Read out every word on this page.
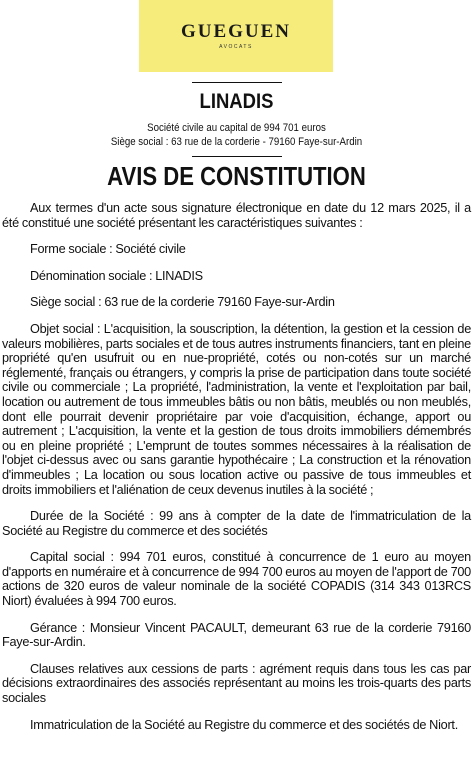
GUEGUEN
AVOCATS
LINADIS
Société civile au capital de 994 701 euros
Siège social : 63 rue de la corderie - 79160 Faye-sur-Ardin
AVIS DE CONSTITUTION

Aux termes d'un acte sous signature électronique en date du 12 mars 2025, il a été constitué une société présentant les caractéristiques suivantes :

Forme sociale : Société civile

Dénomination sociale : LINADIS

Siège social : 63 rue de la corderie 79160 Faye-sur-Ardin

Objet social : L'acquisition, la souscription, la détention, la gestion et la cession de valeurs mobilières, parts sociales et de tous autres instruments financiers, tant en pleine propriété qu'en usufruit ou en nue-propriété, cotés ou non-cotés sur un marché réglementé, français ou étrangers, y compris la prise de participation dans toute société civile ou commerciale ; La propriété, l'administration, la vente et l'exploitation par bail, location ou autrement de tous immeubles bâtis ou non bâtis, meublés ou non meublés, dont elle pourrait devenir propriétaire par voie d'acquisition, échange, apport ou autrement ; L'acquisition, la vente et la gestion de tous droits immobiliers démembrés ou en pleine propriété ; L'emprunt de toutes sommes nécessaires à la réalisation de l'objet ci-dessus avec ou sans garantie hypothécaire ; La construction et la rénovation d'immeubles ; La location ou sous location active ou passive de tous immeubles et droits immobiliers et l'aliénation de ceux devenus inutiles à la société ;

Durée de la Société : 99 ans à compter de la date de l'immatriculation de la Société au Registre du commerce et des sociétés

Capital social : 994 701 euros, constitué à concurrence de 1 euro au moyen d'apports en numéraire et à concurrence de 994 700 euros au moyen de l'apport de 700 actions de 320 euros de valeur nominale de la société COPADIS (314 343 013RCS Niort) évaluées à 994 700 euros.

Gérance : Monsieur Vincent PACAULT, demeurant 63 rue de la corderie 79160 Faye-sur-Ardin.

Clauses relatives aux cessions de parts : agrément requis dans tous les cas par décisions extraordinaires des associés représentant au moins les trois-quarts des parts sociales

Immatriculation de la Société au Registre du commerce et des sociétés de Niort.
